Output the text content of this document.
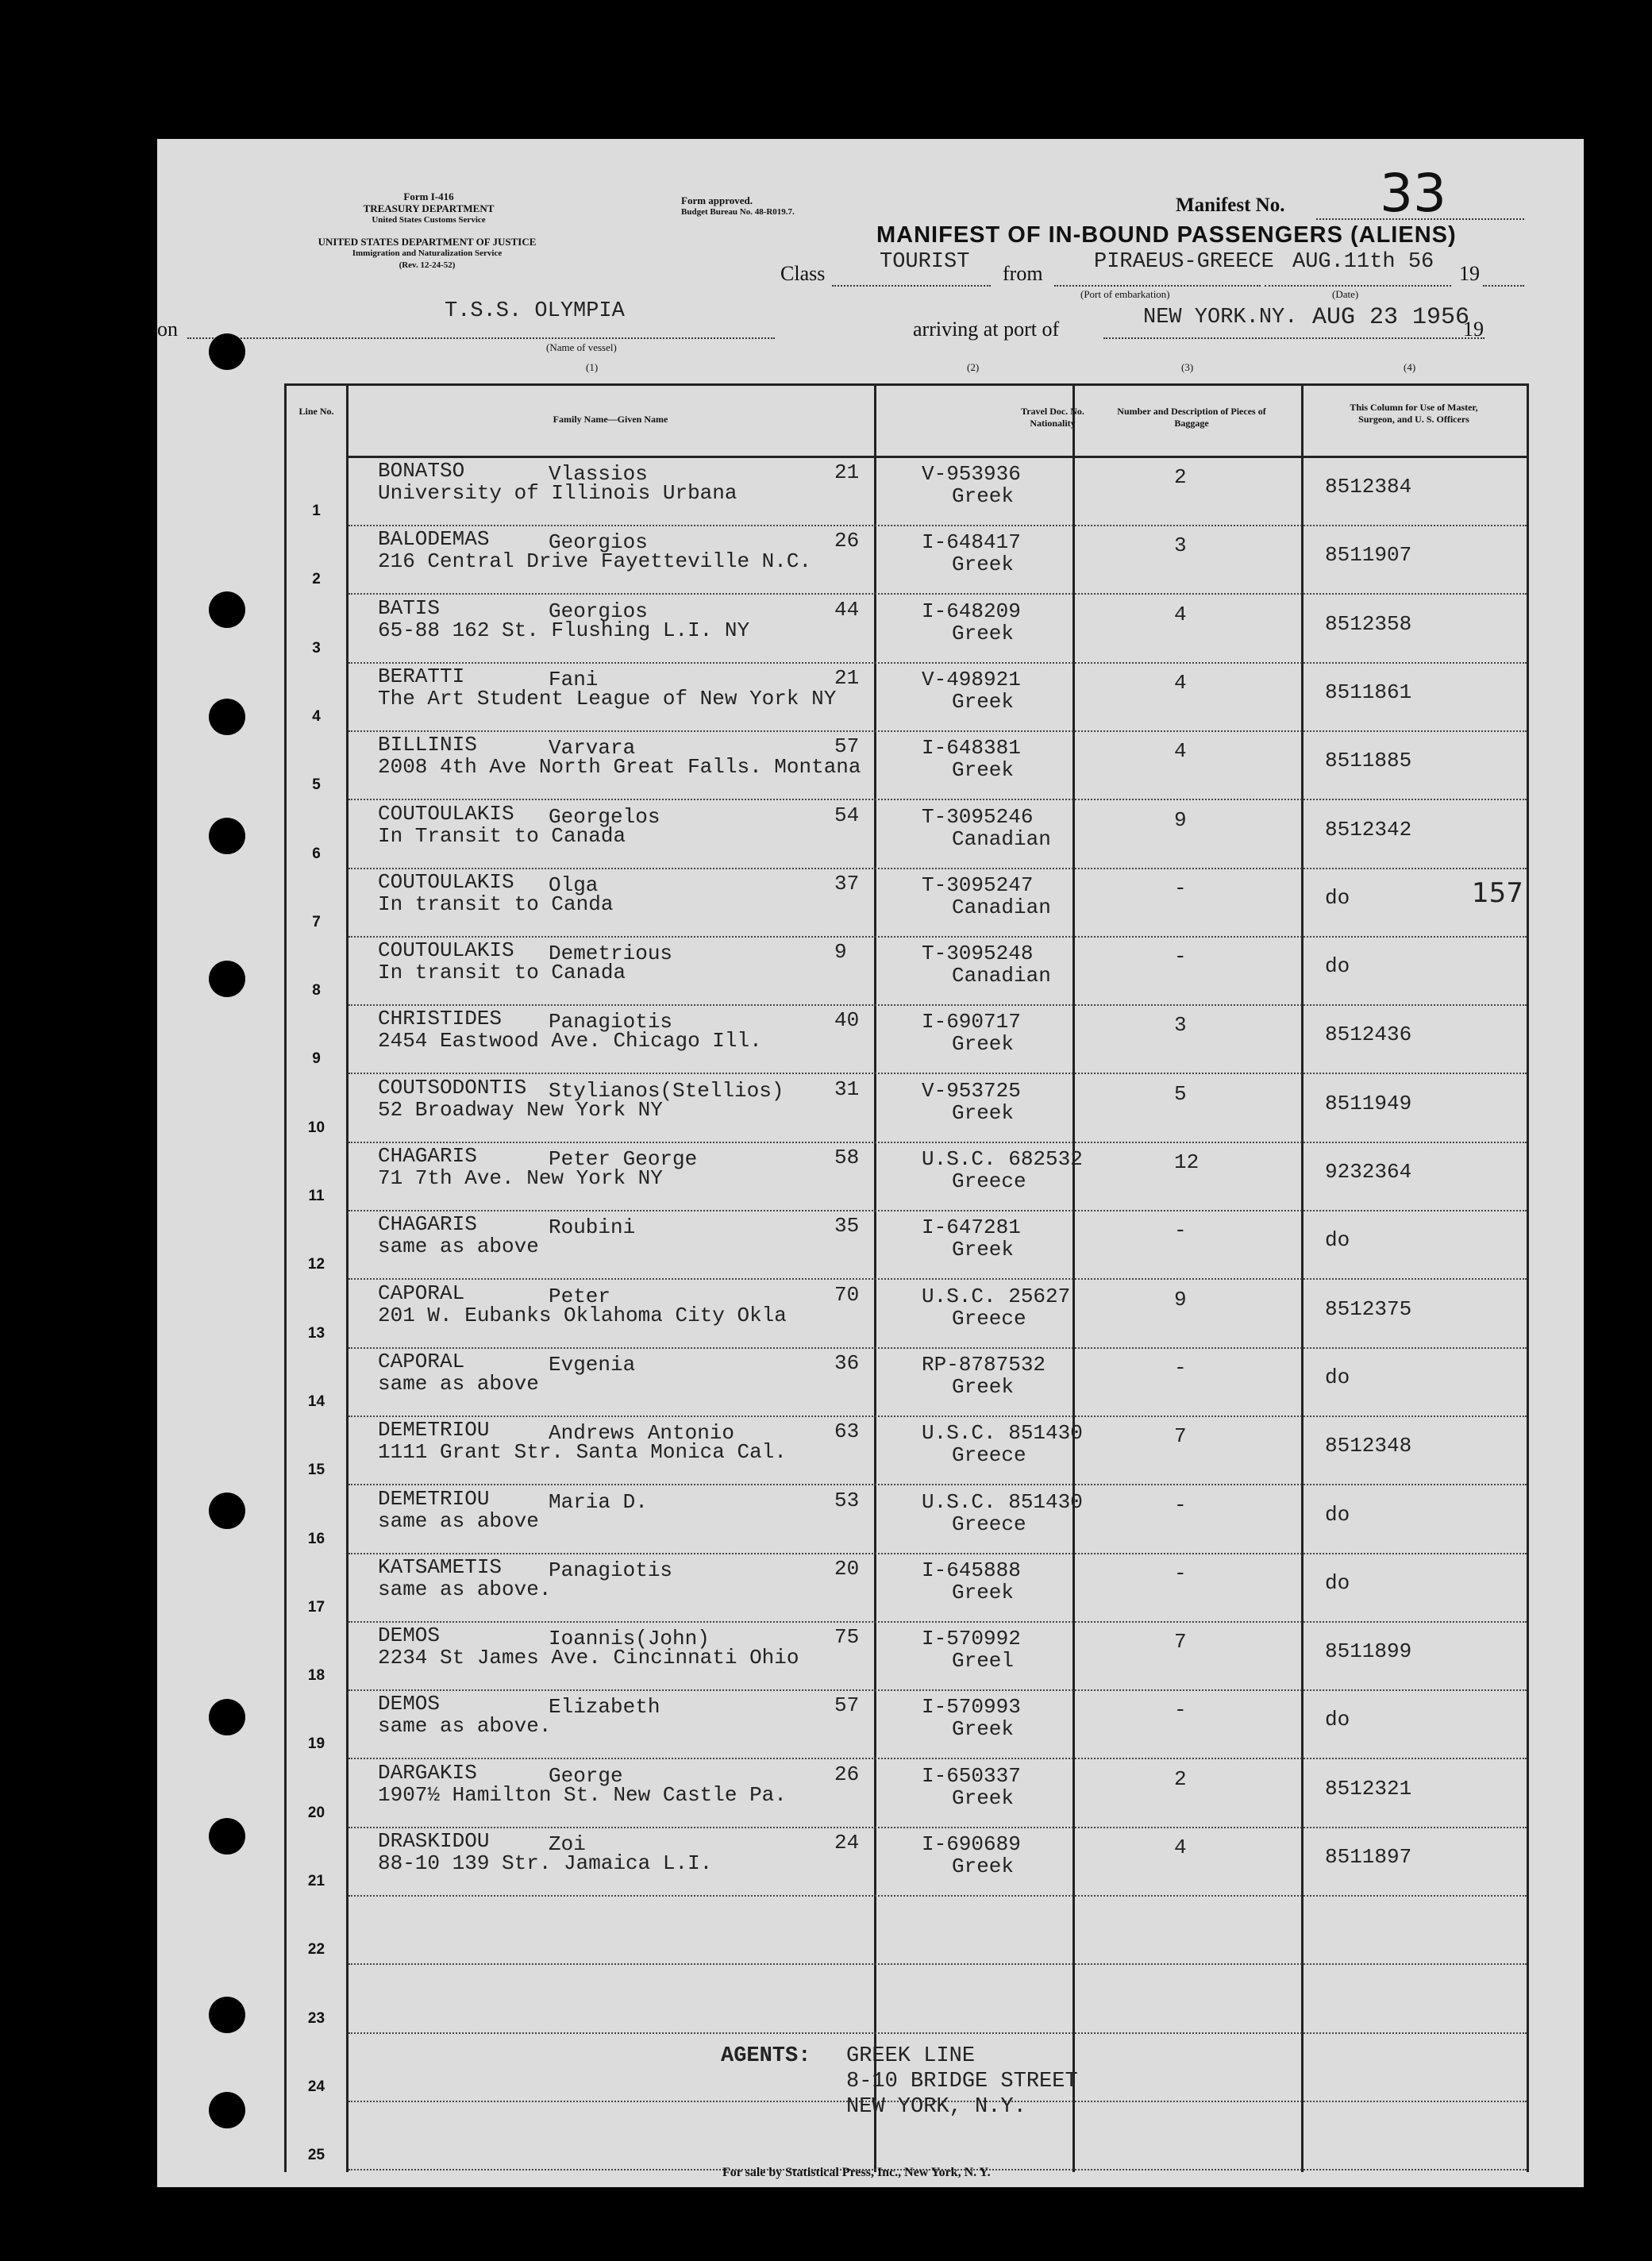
Form I-416
TREASURY DEPARTMENT
United States Customs Service
UNITED STATES DEPARTMENT OF JUSTICE
Immigration and Naturalization Service
(Rev. 12-24-52)
Form approved.
Budget Bureau No. 48-R019.7.	Manifest No. 33
MANIFEST OF IN-BOUND PASSENGERS (ALIENS)
Class	TOURIST from PIRAEUS-GREECE AUG.11th 56 19
(Port of embarkation)	(Date)
on
T.S.S. OLYMPIA
arriving at port of	NEW YORK.NY. AUG 23 1956
19
(Name of vessel)
(1)	(2)	(3)	(4)
Line No.
Family Name—Given Name
Travel Doc. No. Nationality
Number and Description of Pieces of Baggage
This Column for Use of Master, Surgeon, and U. S. Officers
1
BONATSO	Vlassios	21
University of Illinois Urbana
V-953936
Greek
2	8512384
2
BALODEMAS	Georgios	26
216 Central Drive Fayetteville N.C.
I-648417
Greek
3	8511907
3
BATIS	Georgios	44
65-88 162 St. Flushing L.I. NY
I-648209
Greek
4	8512358
4
BERATTI	Fani	21
The Art Student League of New York NY
V-498921
Greek
4	8511861
5
BILLINIS	Varvara	57
2008 4th Ave North Great Falls. Montana
I-648381
Greek
4	8511885
6
COUTOULAKIS Georgelos	54
In Transit to Canada
T-3095246
Canadian
9	8512342
7
COUTOULAKIS Olga	37
In transit to Canda
T-3095247
Canadian
-	do
8
COUTOULAKIS Demetrious	9
In transit to Canada
T-3095248
Canadian
-	do
9
CHRISTIDES Panagiotis	40
2454 Eastwood Ave. Chicago Ill.
I-690717
Greek
3	8512436
10
COUTSODONTIS Stylianos(Stellios) 31
52 Broadway New York NY
V-953725
Greek
5	8511949
11
CHAGARIS	Peter George	58
71 7th Ave. New York NY
U.S.C. 682532
Greece
12	9232364
12
CHAGARIS	Roubini	35
same as above
I-647281
Greek
-	do
13
CAPORAL	Peter	70
201 W. Eubanks Oklahoma City Okla
U.S.C. 25627
Greece
9	8512375
14
CAPORAL	Evgenia	36
same as above
RP-8787532
Greek
-	do
15
DEMETRIOU	Andrews Antonio	63
1111 Grant Str. Santa Monica Cal.
U.S.C. 851430
Greece
7	8512348
16
DEMETRIOU	Maria D.	53
same as above
U.S.C. 851430
Greece
-	do
17
KATSAMETIS Panagiotis	20
same as above.
I-645888
Greek
-	do
18
DEMOS	Ioannis(John)	75
2234 St James Ave. Cincinnati Ohio
I-570992
Greel
7	8511899
19
DEMOS	Elizabeth	57
same as above.
I-570993
Greek
-	do
20
DARGAKIS	George	26
1907½ Hamilton St. New Castle Pa.
I-650337
Greek
2	8512321
21
DRASKIDOU	Zoi	24
88-10 139 Str. Jamaica L.I.
I-690689
Greek
4	8511897
22
23
24
25
157
AGENTS: GREEK LINE
8-10 BRIDGE STREET
NEW YORK, N.Y.
For sale by Statistical Press, Inc., New York, N. Y.
